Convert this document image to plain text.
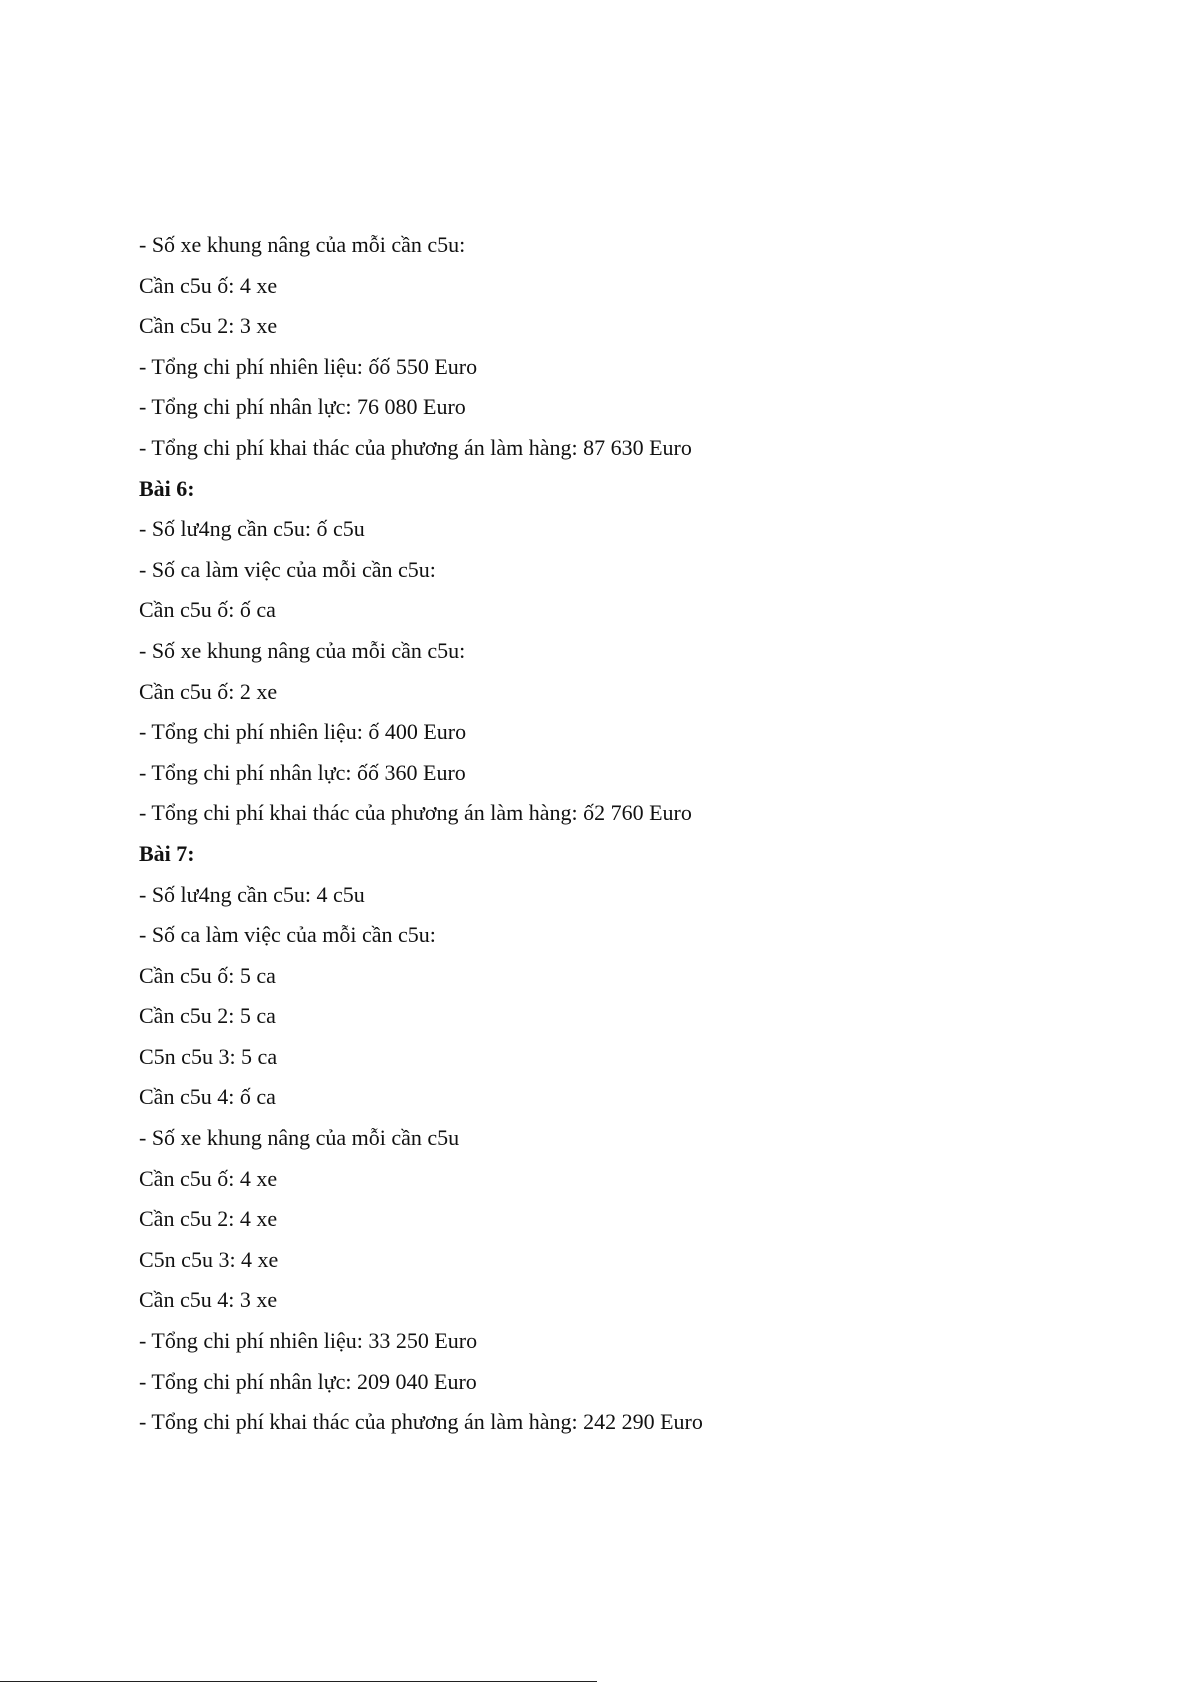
- Số xe khung nâng của mỗi cần c5u:
Cần c5u ố: 4 xe
Cần c5u 2: 3 xe
- Tổng chi phí nhiên liệu: ốố 550 Euro
- Tổng chi phí nhân lực: 76 080 Euro
- Tổng chi phí khai thác của phương án làm hàng: 87 630 Euro
Bài 6:
- Số lư4ng cần c5u: ố c5u
- Số ca làm việc của mỗi cần c5u:
Cần c5u ố: ố ca
- Số xe khung nâng của mỗi cần c5u:
Cần c5u ố: 2 xe
- Tổng chi phí nhiên liệu: ố 400 Euro
- Tổng chi phí nhân lực: ốố 360 Euro
- Tổng chi phí khai thác của phương án làm hàng: ố2 760 Euro
Bài 7:
- Số lư4ng cần c5u: 4 c5u
- Số ca làm việc của mỗi cần c5u:
Cần c5u ố: 5 ca
Cần c5u 2: 5 ca
C5n c5u 3: 5 ca
Cần c5u 4: ố ca
- Số xe khung nâng của mỗi cần c5u
Cần c5u ố: 4 xe
Cần c5u 2: 4 xe
C5n c5u 3: 4 xe
Cần c5u 4: 3 xe
- Tổng chi phí nhiên liệu: 33 250 Euro
- Tổng chi phí nhân lực: 209 040 Euro
- Tổng chi phí khai thác của phương án làm hàng: 242 290 Euro
